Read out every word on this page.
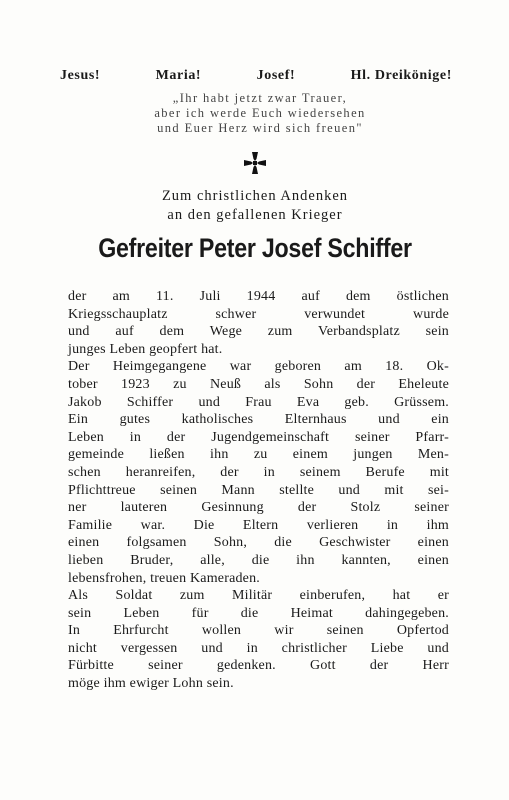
Jesus!	Maria!	Josef!	Hl. Dreikönige!
„Ihr habt jetzt zwar Trauer,
aber ich werde Euch wiedersehen
und Euer Herz wird sich freuen"
Zum christlichen Andenken
an den gefallenen Krieger
Gefreiter Peter Josef Schiffer
der am 11. Juli 1944 auf dem östlichen
Kriegsschauplatz schwer verwundet wurde
und auf dem Wege zum Verbandsplatz sein
junges Leben geopfert hat.
Der Heimgegangene war geboren am 18. Ok-
tober 1923 zu Neuß als Sohn der Eheleute
Jakob Schiffer und Frau Eva geb. Grüssem.
Ein gutes katholisches Elternhaus und ein
Leben in der Jugendgemeinschaft seiner Pfarr-
gemeinde ließen ihn zu einem jungen Men-
schen heranreifen, der in seinem Berufe mit
Pflichttreue seinen Mann stellte und mit sei-
ner lauteren Gesinnung der Stolz seiner
Familie war. Die Eltern verlieren in ihm
einen folgsamen Sohn, die Geschwister einen
lieben Bruder, alle, die ihn kannten, einen
lebensfrohen, treuen Kameraden.
Als Soldat zum Militär einberufen, hat er
sein Leben für die Heimat dahingegeben.
In Ehrfurcht wollen wir seinen Opfertod
nicht vergessen und in christlicher Liebe und
Fürbitte seiner gedenken. Gott der Herr
möge ihm ewiger Lohn sein.
